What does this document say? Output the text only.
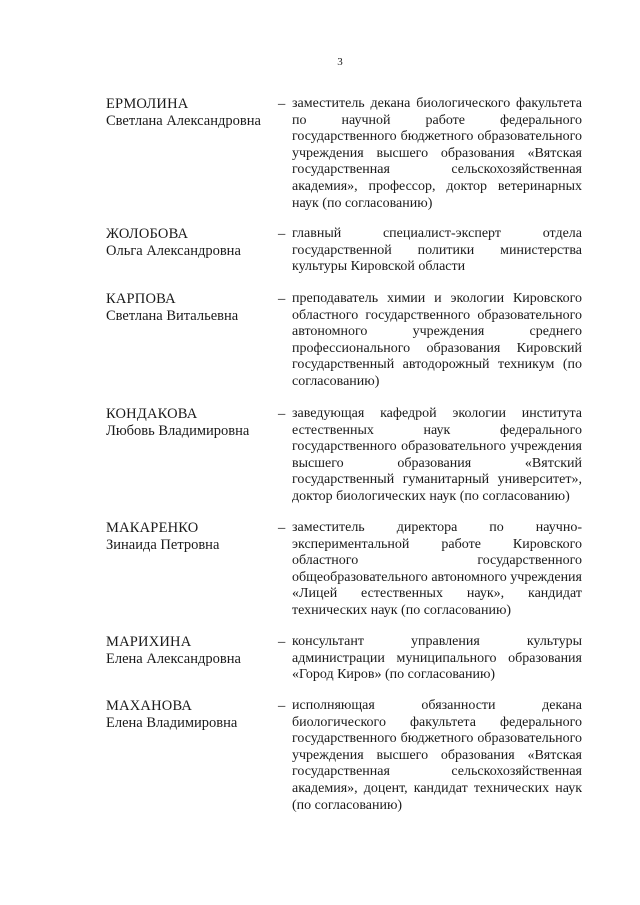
3
ЕРМОЛИНА
Светлана Александровна
– заместитель декана биологического факультета по научной работе федерального государственного бюджетного образовательного учреждения высшего образования «Вятская государственная сельскохозяйственная академия», профессор, доктор ветеринарных наук (по согласованию)
ЖОЛОБОВА
Ольга Александровна
– главный специалист-эксперт отдела государственной политики министерства культуры Кировской области
КАРПОВА
Светлана Витальевна
– преподаватель химии и экологии Кировского областного государственного образовательного автономного учреждения среднего профессионального образования Кировский государственный автодорожный техникум (по согласованию)
КОНДАКОВА
Любовь Владимировна
– заведующая кафедрой экологии института естественных наук федерального государственного образовательного учреждения высшего образования «Вятский государственный гуманитарный университет», доктор биологических наук (по согласованию)
МАКАРЕНКО
Зинаида Петровна
– заместитель директора по научно-экспериментальной работе Кировского областного государственного общеобразовательного автономного учреждения «Лицей естественных наук», кандидат технических наук (по согласованию)
МАРИХИНА
Елена Александровна
– консультант управления культуры администрации муниципального образования «Город Киров» (по согласованию)
МАХАНОВА
Елена Владимировна
– исполняющая обязанности декана биологического факультета федерального государственного бюджетного образовательного учреждения высшего образования «Вятская государственная сельскохозяйственная академия», доцент, кандидат технических наук (по согласованию)
